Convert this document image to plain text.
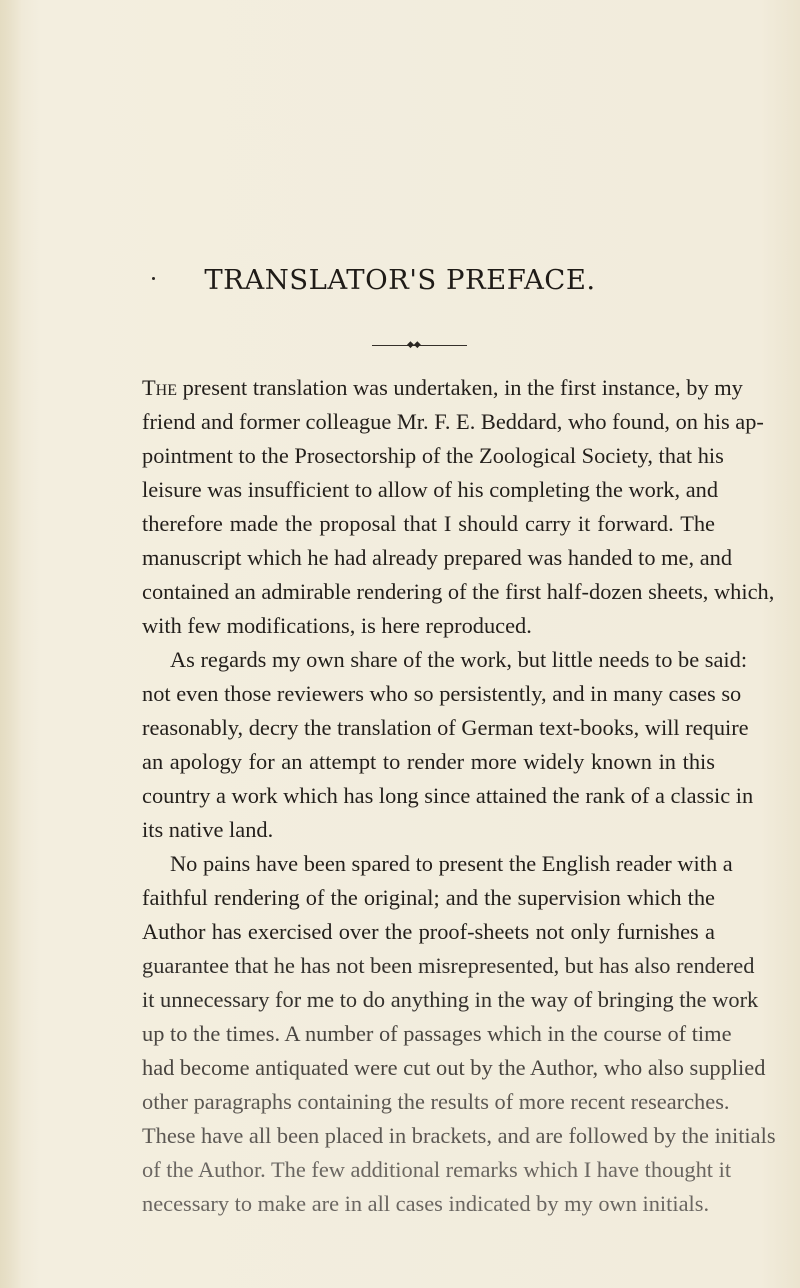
TRANSLATOR'S PREFACE.
◆◆
The present translation was undertaken, in the first instance, by my
friend and former colleague Mr. F. E. Beddard, who found, on his ap-
pointment to the Prosectorship of the Zoological Society, that his
leisure was insufficient to allow of his completing the work, and
therefore made the proposal that I should carry it forward. The
manuscript which he had already prepared was handed to me, and
contained an admirable rendering of the first half-dozen sheets, which,
with few modifications, is here reproduced.
As regards my own share of the work, but little needs to be said:
not even those reviewers who so persistently, and in many cases so
reasonably, decry the translation of German text-books, will require
an apology for an attempt to render more widely known in this
country a work which has long since attained the rank of a classic in
its native land.
No pains have been spared to present the English reader with a
faithful rendering of the original; and the supervision which the
Author has exercised over the proof-sheets not only furnishes a
guarantee that he has not been misrepresented, but has also rendered
it unnecessary for me to do anything in the way of bringing the work
up to the times. A number of passages which in the course of time
had become antiquated were cut out by the Author, who also supplied
other paragraphs containing the results of more recent researches.
These have all been placed in brackets, and are followed by the initials
of the Author. The few additional remarks which I have thought it
necessary to make are in all cases indicated by my own initials.
